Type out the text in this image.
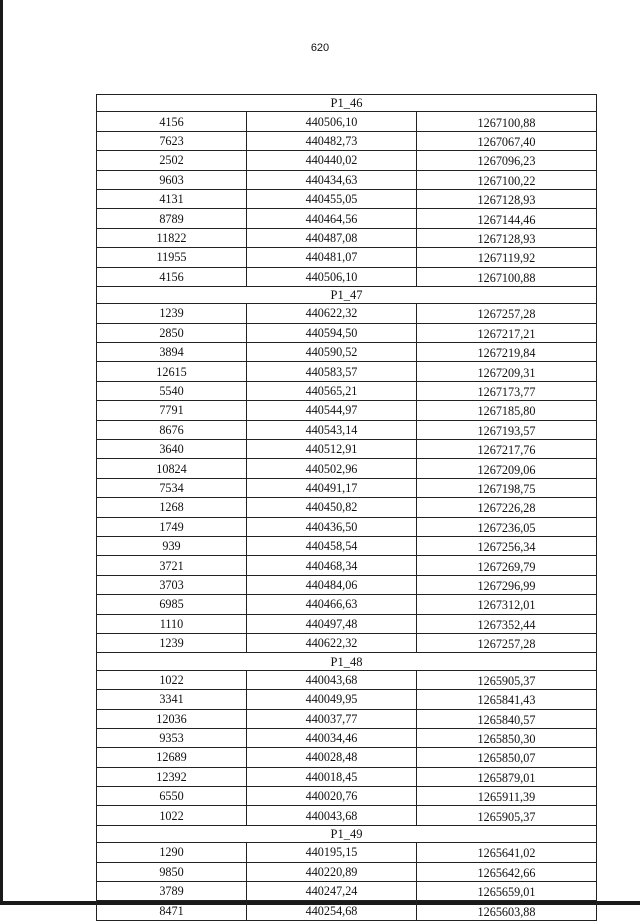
620
P1_46		
4156	440506,10	1267100,88
7623	440482,73	1267067,40
2502	440440,02	1267096,23
9603	440434,63	1267100,22
4131	440455,05	1267128,93
8789	440464,56	1267144,46
11822	440487,08	1267128,93
11955	440481,07	1267119,92
4156	440506,10	1267100,88
P1_47		
1239	440622,32	1267257,28
2850	440594,50	1267217,21
3894	440590,52	1267219,84
12615	440583,57	1267209,31
5540	440565,21	1267173,77
7791	440544,97	1267185,80
8676	440543,14	1267193,57
3640	440512,91	1267217,76
10824	440502,96	1267209,06
7534	440491,17	1267198,75
1268	440450,82	1267226,28
1749	440436,50	1267236,05
939	440458,54	1267256,34
3721	440468,34	1267269,79
3703	440484,06	1267296,99
6985	440466,63	1267312,01
1110	440497,48	1267352,44
1239	440622,32	1267257,28
P1_48		
1022	440043,68	1265905,37
3341	440049,95	1265841,43
12036	440037,77	1265840,57
9353	440034,46	1265850,30
12689	440028,48	1265850,07
12392	440018,45	1265879,01
6550	440020,76	1265911,39
1022	440043,68	1265905,37
P1_49		
1290	440195,15	1265641,02
9850	440220,89	1265642,66
3789	440247,24	1265659,01
8471	440254,68	1265603,88
